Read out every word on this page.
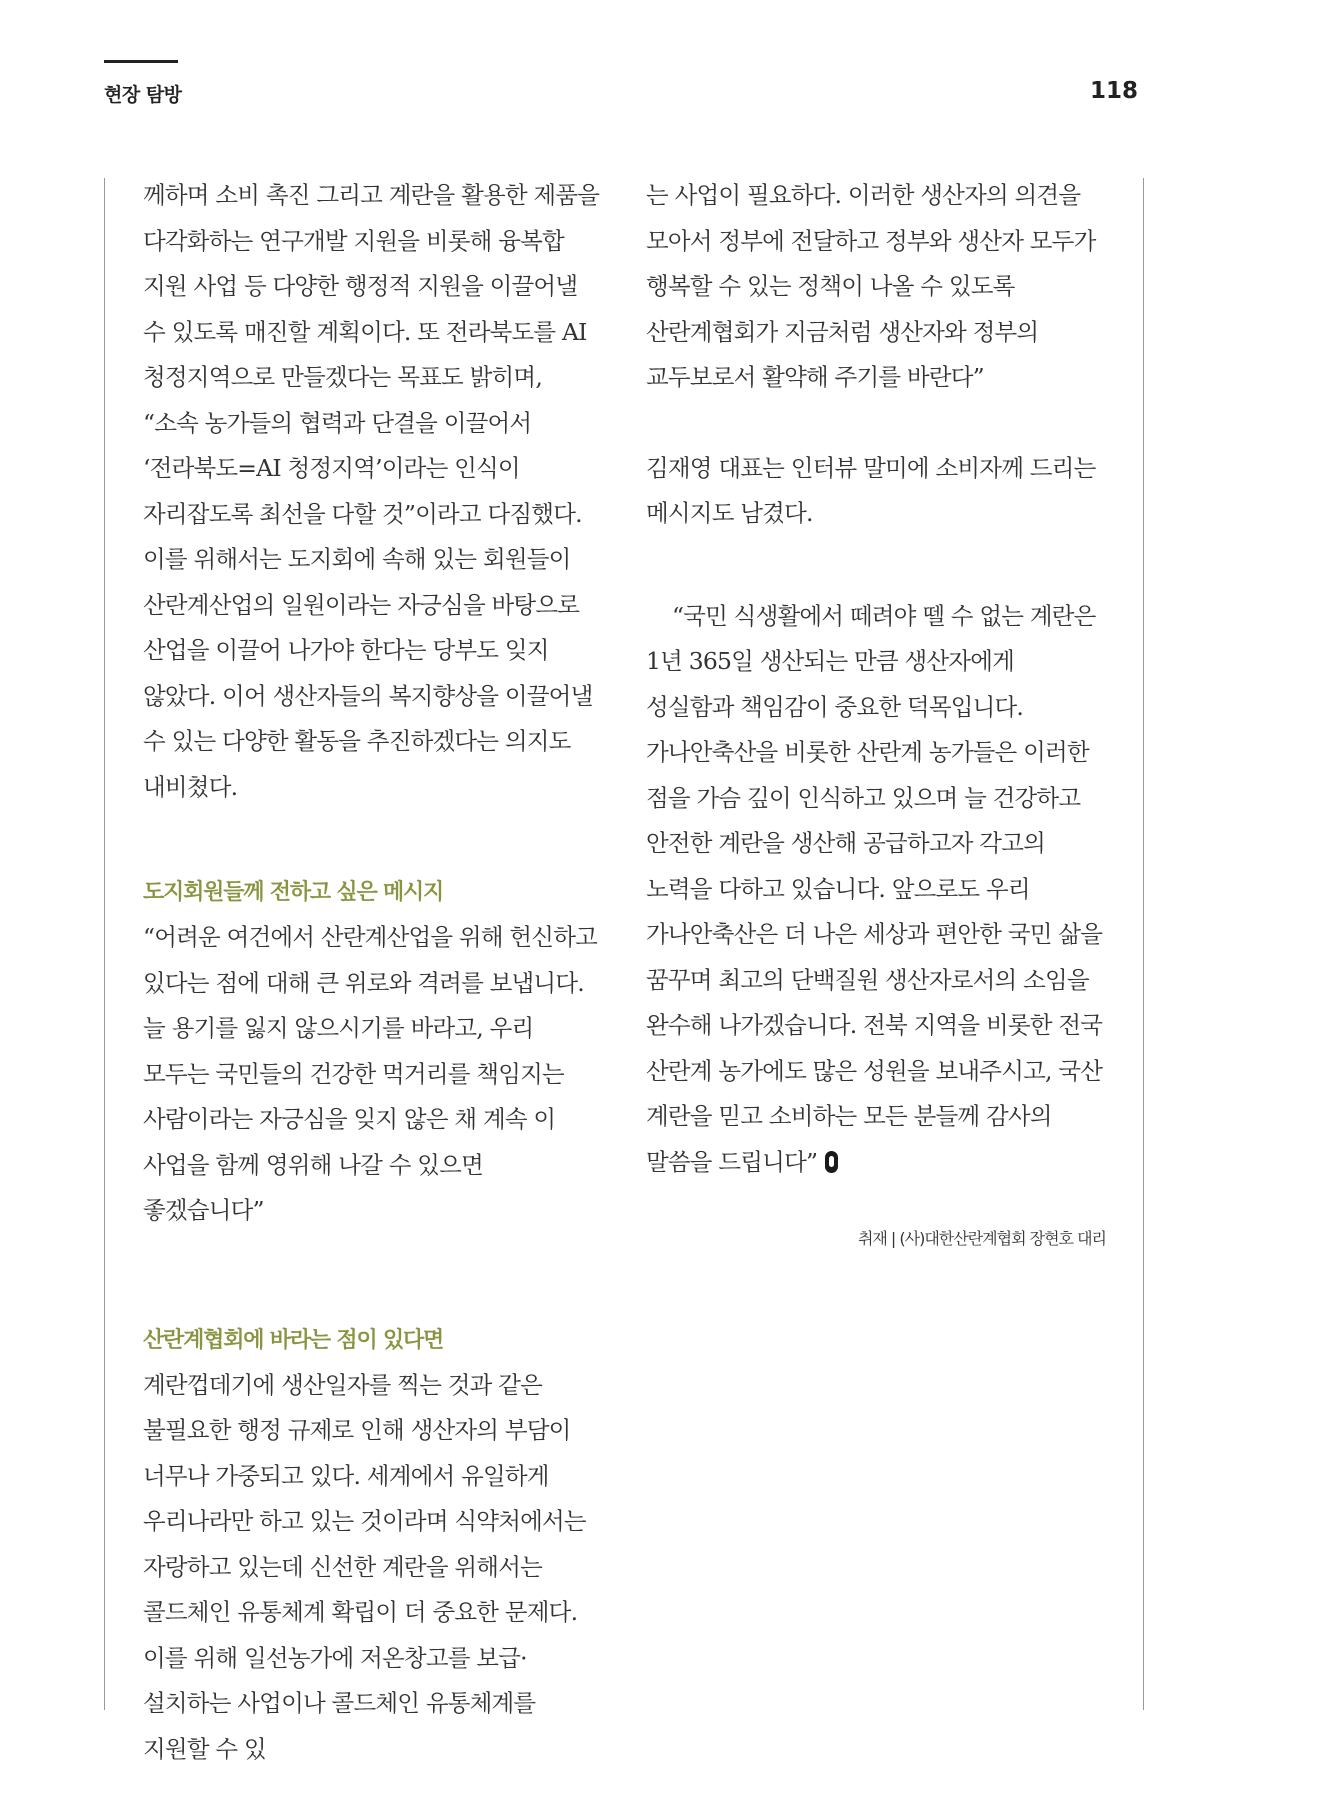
현장 탐방	118

께하며 소비 촉진 그리고 계란을 활용한 제품을 다각화하는 연구개발 지원을 비롯해 융복합 지원 사업 등 다양한 행정적 지원을 이끌어낼 수 있도록 매진할 계획이다. 또 전라북도를 AI 청정지역으로 만들겠다는 목표도 밝히며, “소속 농가들의 협력과 단결을 이끌어서 ‘전라북도=AI 청정지역’이라는 인식이 자리잡도록 최선을 다할 것”이라고 다짐했다. 이를 위해서는 도지회에 속해 있는 회원들이 산란계산업의 일원이라는 자긍심을 바탕으로 산업을 이끌어 나가야 한다는 당부도 잊지 않았다. 이어 생산자들의 복지향상을 이끌어낼 수 있는 다양한 활동을 추진하겠다는 의지도 내비쳤다.

도지회원들께 전하고 싶은 메시지

“어려운 여건에서 산란계산업을 위해 헌신하고 있다는 점에 대해 큰 위로와 격려를 보냅니다. 늘 용기를 잃지 않으시기를 바라고, 우리 모두는 국민들의 건강한 먹거리를 책임지는 사람이라는 자긍심을 잊지 않은 채 계속 이 사업을 함께 영위해 나갈 수 있으면 좋겠습니다”

산란계협회에 바라는 점이 있다면

계란껍데기에 생산일자를 찍는 것과 같은 불필요한 행정 규제로 인해 생산자의 부담이 너무나 가중되고 있다. 세계에서 유일하게 우리나라만 하고 있는 것이라며 식약처에서는 자랑하고 있는데 신선한 계란을 위해서는 콜드체인 유통체계 확립이 더 중요한 문제다. 이를 위해 일선농가에 저온창고를 보급·설치하는 사업이나 콜드체인 유통체계를 지원할 수 있

는 사업이 필요하다. 이러한 생산자의 의견을 모아서 정부에 전달하고 정부와 생산자 모두가 행복할 수 있는 정책이 나올 수 있도록 산란계협회가 지금처럼 생산자와 정부의 교두보로서 활약해 주기를 바란다”

김재영 대표는 인터뷰 말미에 소비자께 드리는 메시지도 남겼다.

“국민 식생활에서 떼려야 뗄 수 없는 계란은 1년 365일 생산되는 만큼 생산자에게 성실함과 책임감이 중요한 덕목입니다. 가나안축산을 비롯한 산란계 농가들은 이러한 점을 가슴 깊이 인식하고 있으며 늘 건강하고 안전한 계란을 생산해 공급하고자 각고의 노력을 다하고 있습니다. 앞으로도 우리 가나안축산은 더 나은 세상과 편안한 국민 삶을 꿈꾸며 최고의 단백질원 생산자로서의 소임을 완수해 나가겠습니다. 전북 지역을 비롯한 전국 산란계 농가에도 많은 성원을 보내주시고, 국산 계란을 믿고 소비하는 모든 분들께 감사의 말씀을 드립니다”

취재 | (사)대한산란계협회 장현호 대리
